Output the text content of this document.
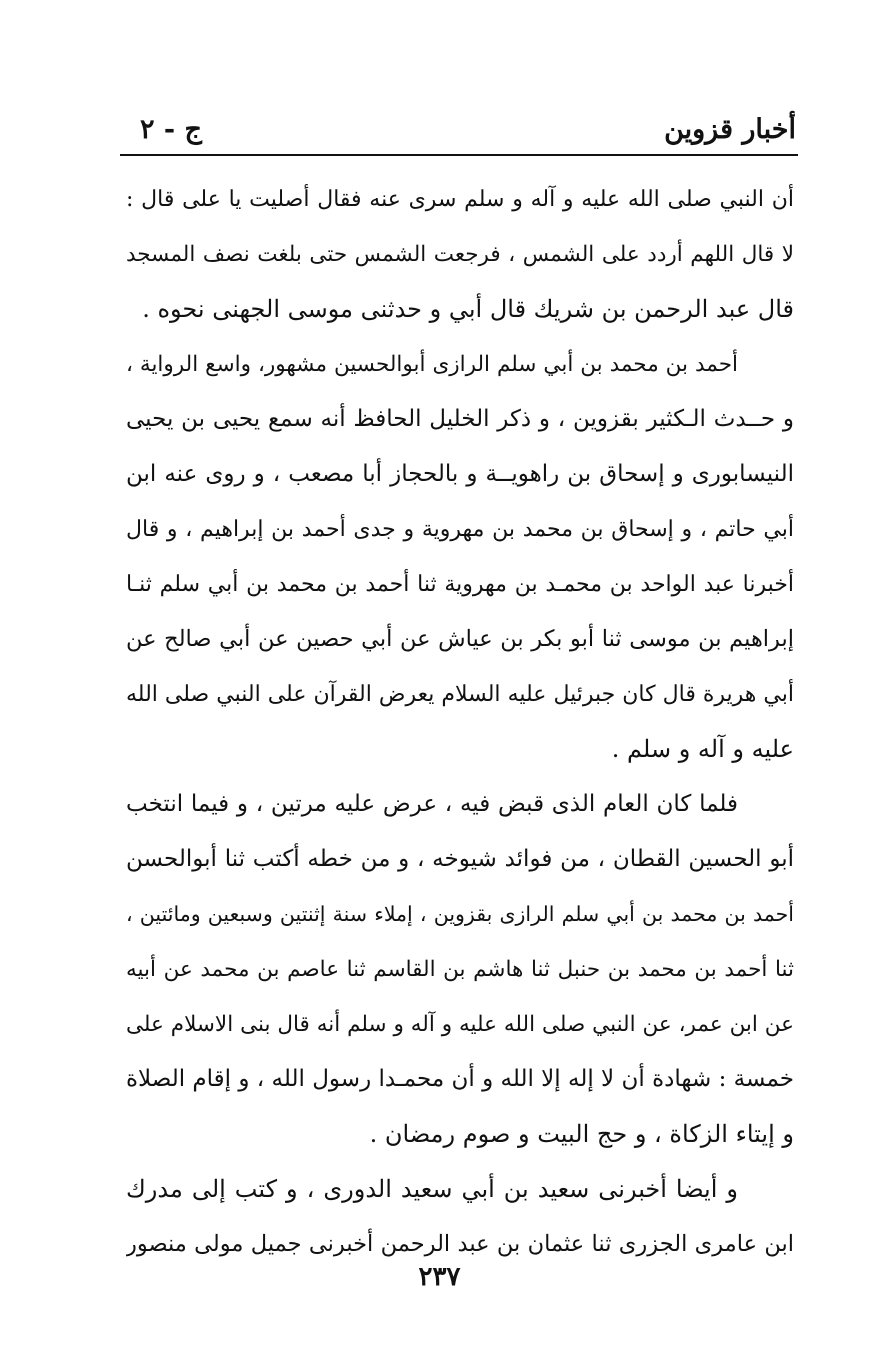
أخبار قزوين
ج - ٢
أن النبي صلى الله عليه و آله و سلم سرى عنه فقال أصليت يا على قال :
لا قال اللهم أردد على الشمس ، فرجعت الشمس حتى بلغت نصف المسجد
قال عبد الرحمن بن شريك قال أبي و حدثنى موسى الجهنى نحوه .
أحمد بن محمد بن أبي سلم الرازى أبوالحسين مشهور، واسع الرواية ،
و حــدث الـكثير بقزوين ، و ذكر الخليل الحافظ أنه سمع يحيى بن يحيى
النيسابورى و إسحاق بن راهويــة و بالحجاز أبا مصعب ، و روى عنه ابن
أبي حاتم ، و إسحاق بن محمد بن مهروية و جدى أحمد بن إبراهيم ، و قال
أخبرنا عبد الواحد بن محمـد بن مهروية ثنا أحمد بن محمد بن أبي سلم ثنـا
إبراهيم بن موسى ثنا أبو بكر بن عياش عن أبي حصين عن أبي صالح عن
أبي هريرة قال كان جبرئيل عليه السلام يعرض القرآن على النبي صلى الله
عليه و آله و سلم .
فلما كان العام الذى قبض فيه ، عرض عليه مرتين ، و فيما انتخب
أبو الحسين القطان ، من فوائد شيوخه ، و من خطه أكتب ثنا أبوالحسن
أحمد بن محمد بن أبي سلم الرازى بقزوين ، إملاء سنة إثنتين وسبعين ومائتين ،
ثنا أحمد بن محمد بن حنبل ثنا هاشم بن القاسم ثنا عاصم بن محمد عن أبيه
عن ابن عمر، عن النبي صلى الله عليه و آله و سلم أنه قال بنى الاسلام على
خمسة : شهادة أن لا إله إلا الله و أن محمـدا رسول الله ، و إقام الصلاة
و إيتاء الزكاة ، و حج البيت و صوم رمضان .
و أيضا أخبرنى سعيد بن أبي سعيد الدورى ، و كتب إلى مدرك
ابن عامرى الجزرى ثنا عثمان بن عبد الرحمن أخبرنى جميل مولى منصور
٢٣٧
